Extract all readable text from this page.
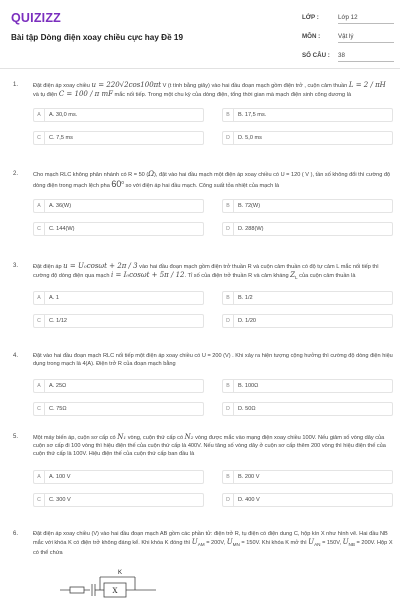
QUIZIZZ
Bài tập Dòng điện xoay chiều cực hay Đề 19
LỚP :	Lớp 12
MÔN :	Vật lý
SỐ CÂU :	38
1.	Đặt điện áp xoay chiều u = 220√2cos100πt V (t tính bằng giây) vào hai đầu đoạn mạch gồm điện trở , cuộn cảm thuần L = 2 / πH và tụ điện C = 100 / π mF mắc nối tiếp. Trong một chu kỳ của dòng điện, tổng thời gian mà mạch điện sinh công dương là
A	A. 30,0 ms.	B	B. 17,5 ms.
C	C. 7,5 ms	D	D. 5,0 ms
2.	Cho mạch RLC không phân nhánh có R = 50 (Ω), đặt vào hai đầu mạch một điện áp xoay chiều có U = 120 ( V ), tần số không đổi thì cường độ dòng điện trong mạch lệch pha $60^0$ so với điện áp hai đầu mạch. Công suất tỏa nhiệt của mạch là
A	A. 36(W)	B	B. 72(W)
C	C. 144(W)	D	D. 288(W)
3.	Đặt điện áp u = U₀cosωt + 2π / 3 vào hai đầu đoạn mạch gồm điện trở thuần R và cuộn cảm thuần có độ tự cảm L mắc nối tiếp thì cường độ dòng điện qua mạch i = I₀cosωt + 5π / 12. Tỉ số của điện trở thuần R và cảm kháng $Z_L$ của cuộn cảm thuần là
A	A. 1	B	B. 1/2
C	C. 1/12	D	D. 1/20
4.	Đặt vào hai đầu đoạn mạch RLC nối tiếp một điện áp xoay chiều có U = 200 (V) . Khi xảy ra hiện tượng cộng hưởng thì cường độ dòng điện hiệu dụng trong mạch là 4(A). Điện trở R của đoạn mạch bằng
A	A. 25Ω	B	B. 100Ω
C	C. 75Ω	D	D. 50Ω
5.	Một máy biến áp, cuộn sơ cấp có N₁ vòng, cuộn thứ cấp có N₂ vòng được mắc vào mạng điện xoay chiều 100V. Nếu giảm số vòng dây của cuộn sơ cấp đi 100 vòng thì hiệu điện thế của cuộn thứ cấp là 400V. Nếu tăng số vòng dây ở cuộn sơ cấp thêm 200 vòng thì hiệu điện thế của cuộn thứ cấp là 100V. Hiệu điện thế của cuộn thứ cấp ban đầu là
A	A. 100 V	B	B. 200 V
C	C. 300 V	D	D. 400 V
6.	Đặt điện áp xoay chiều (V) vào hai đầu đoạn mạch AB gồm các phần tử: điện trở R, tụ điện có điện dung C, hộp kín X như hình vẽ. Hai đầu NB mắc với khóa K có điện trở không đáng kể. Khi khóa K đóng thì $U_{AM} = 200V$, $U_{MN} = 150V$. Khi khóa K mở thì $U_{AN} = 150V$, $U_{NB} = 200V$. Hộp X có thể chứa
X
K
